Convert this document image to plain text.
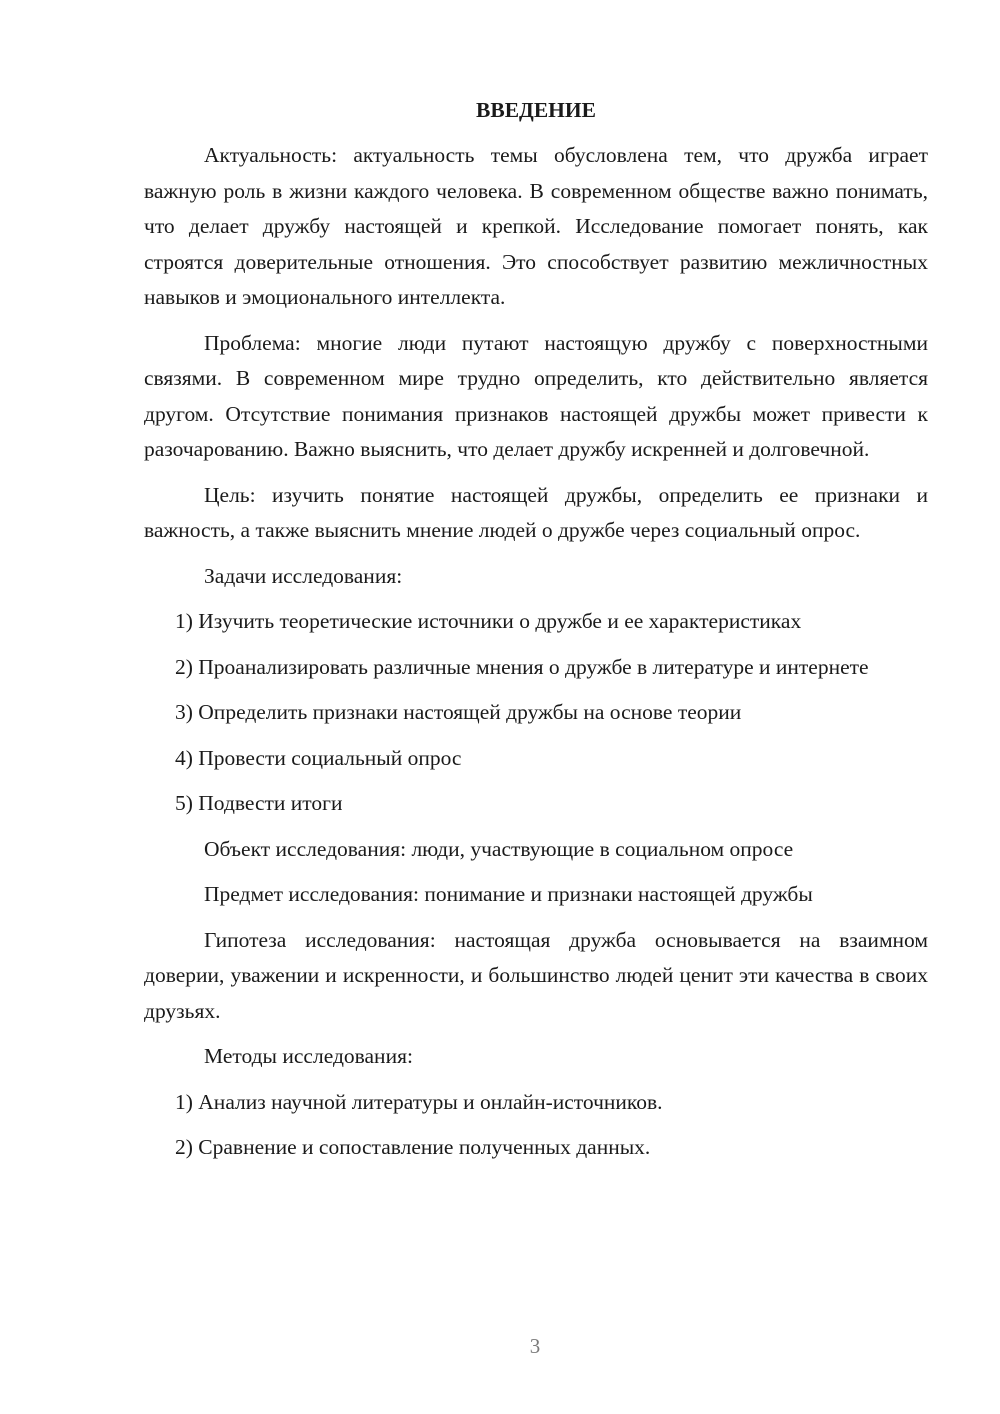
ВВЕДЕНИЕ

Актуальность: актуальность темы обусловлена тем, что дружба играет важную роль в жизни каждого человека. В современном обществе важно понимать, что делает дружбу настоящей и крепкой. Исследование помогает понять, как строятся доверительные отношения. Это способствует развитию межличностных навыков и эмоционального интеллекта.

Проблема: многие люди путают настоящую дружбу с поверхностными связями. В современном мире трудно определить, кто действительно является другом. Отсутствие понимания признаков настоящей дружбы может привести к разочарованию. Важно выяснить, что делает дружбу искренней и долговечной.

Цель: изучить понятие настоящей дружбы, определить ее признаки и важность, а также выяснить мнение людей о дружбе через социальный опрос.

Задачи исследования:

1) Изучить теоретические источники о дружбе и ее характеристиках

2) Проанализировать различные мнения о дружбе в литературе и интернете

3) Определить признаки настоящей дружбы на основе теории

4) Провести социальный опрос

5) Подвести итоги

Объект исследования: люди, участвующие в социальном опросе

Предмет исследования: понимание и признаки настоящей дружбы

Гипотеза исследования: настоящая дружба основывается на взаимном доверии, уважении и искренности, и большинство людей ценит эти качества в своих друзьях.

Методы исследования:

1) Анализ научной литературы и онлайн-источников.

2) Сравнение и сопоставление полученных данных.

3
